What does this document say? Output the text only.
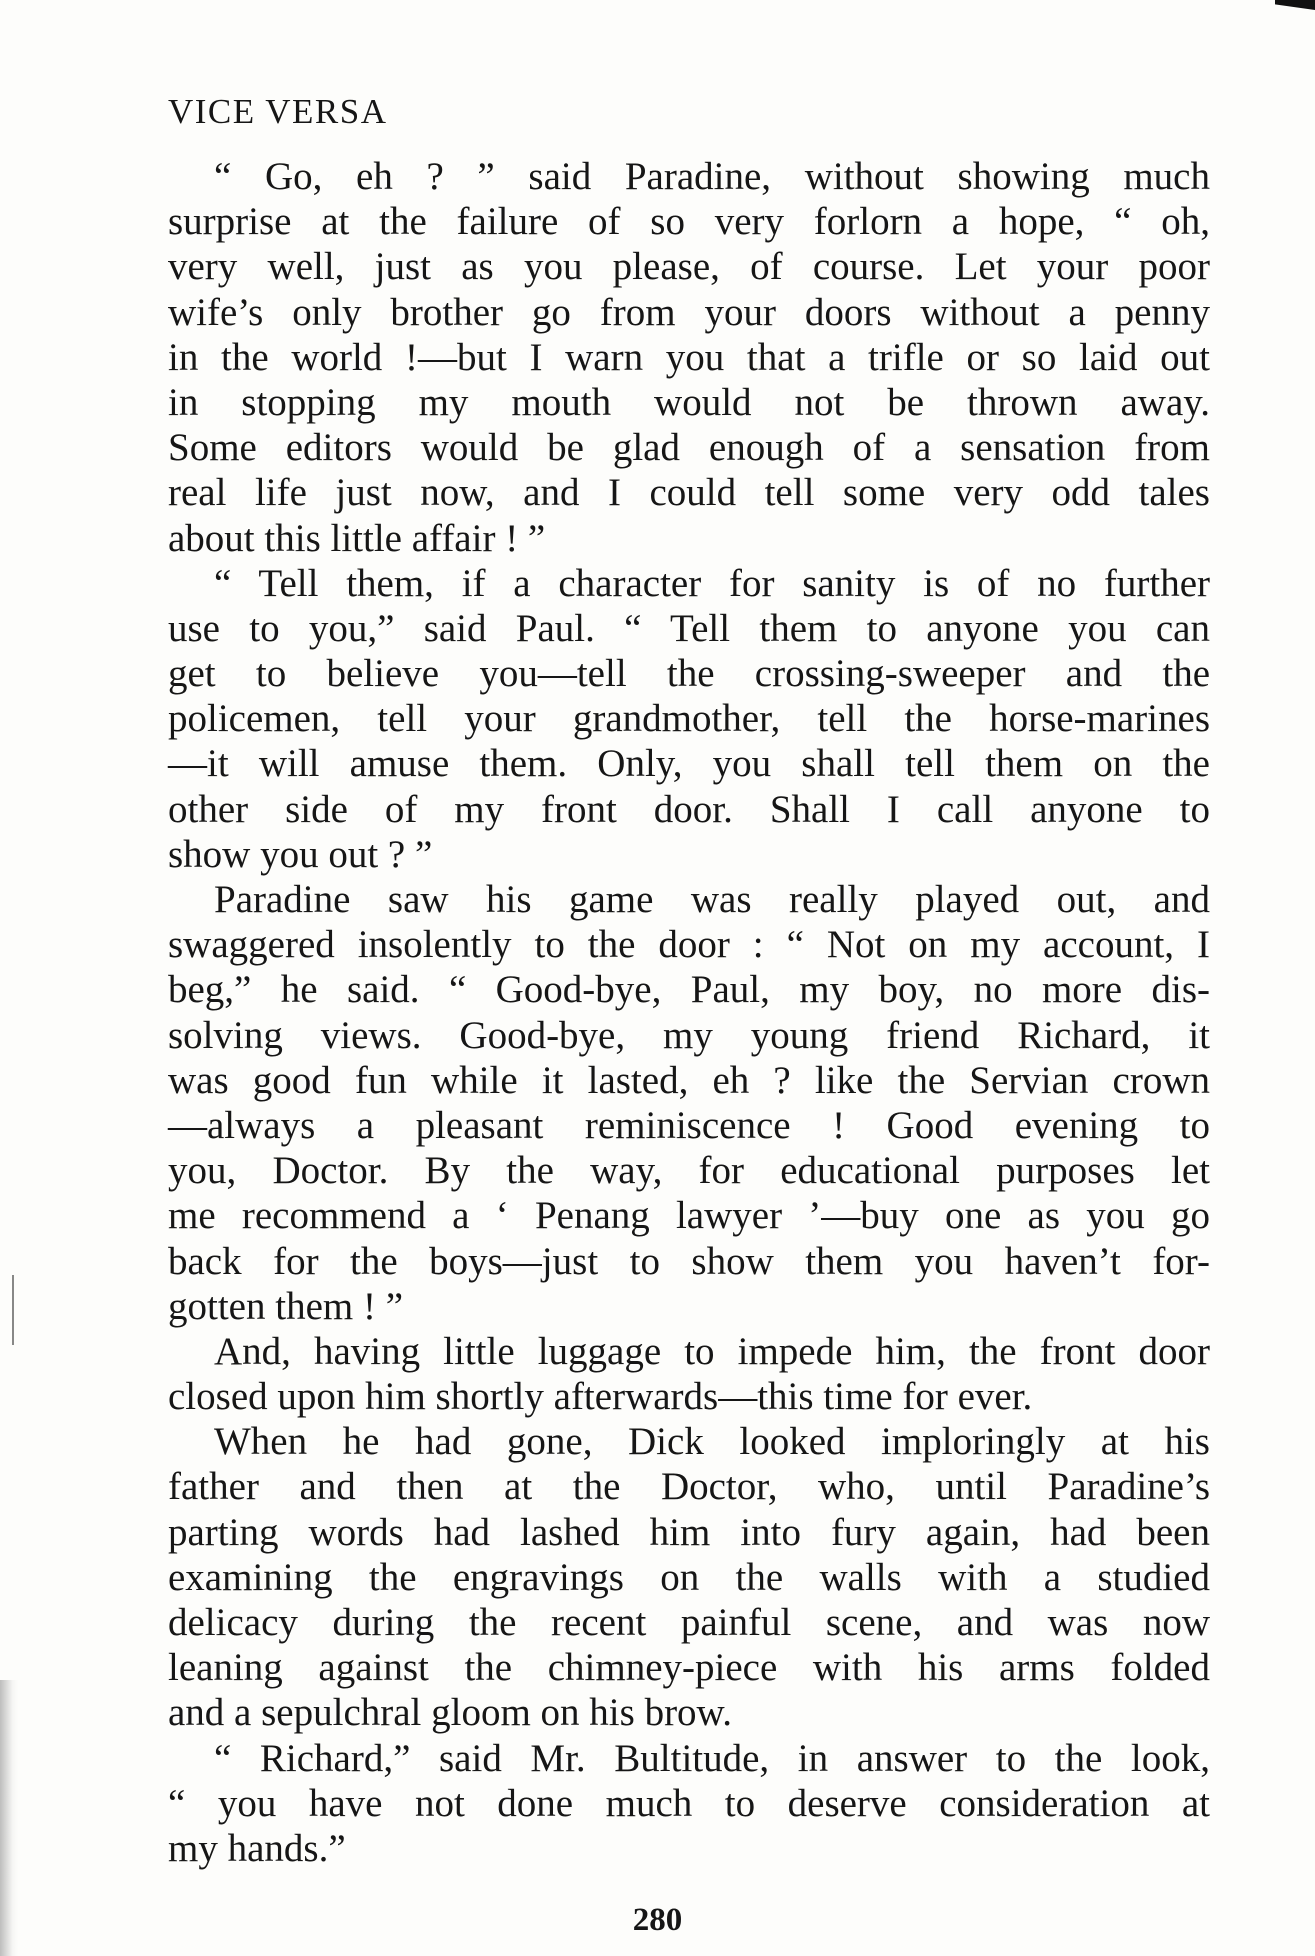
VICE VERSA
“ Go, eh ? ” said Paradine, without showing much
surprise at the failure of so very forlorn a hope, “ oh,
very well, just as you please, of course. Let your poor
wife’s only brother go from your doors without a penny
in the world !—but I warn you that a trifle or so laid out
in stopping my mouth would not be thrown away.
Some editors would be glad enough of a sensation from
real life just now, and I could tell some very odd tales
about this little affair ! ”
“ Tell them, if a character for sanity is of no further
use to you,” said Paul. “ Tell them to anyone you can
get to believe you—tell the crossing-sweeper and the
policemen, tell your grandmother, tell the horse-marines
—it will amuse them. Only, you shall tell them on the
other side of my front door. Shall I call anyone to
show you out ? ”
Paradine saw his game was really played out, and
swaggered insolently to the door : “ Not on my account, I
beg,” he said. “ Good-bye, Paul, my boy, no more dis-
solving views. Good-bye, my young friend Richard, it
was good fun while it lasted, eh ? like the Servian crown
—always a pleasant reminiscence ! Good evening to
you, Doctor. By the way, for educational purposes let
me recommend a ‘ Penang lawyer ’—buy one as you go
back for the boys—just to show them you haven’t for-
gotten them ! ”
And, having little luggage to impede him, the front door
closed upon him shortly afterwards—this time for ever.
When he had gone, Dick looked imploringly at his
father and then at the Doctor, who, until Paradine’s
parting words had lashed him into fury again, had been
examining the engravings on the walls with a studied
delicacy during the recent painful scene, and was now
leaning against the chimney-piece with his arms folded
and a sepulchral gloom on his brow.
“ Richard,” said Mr. Bultitude, in answer to the look,
“ you have not done much to deserve consideration at
my hands.”
280
